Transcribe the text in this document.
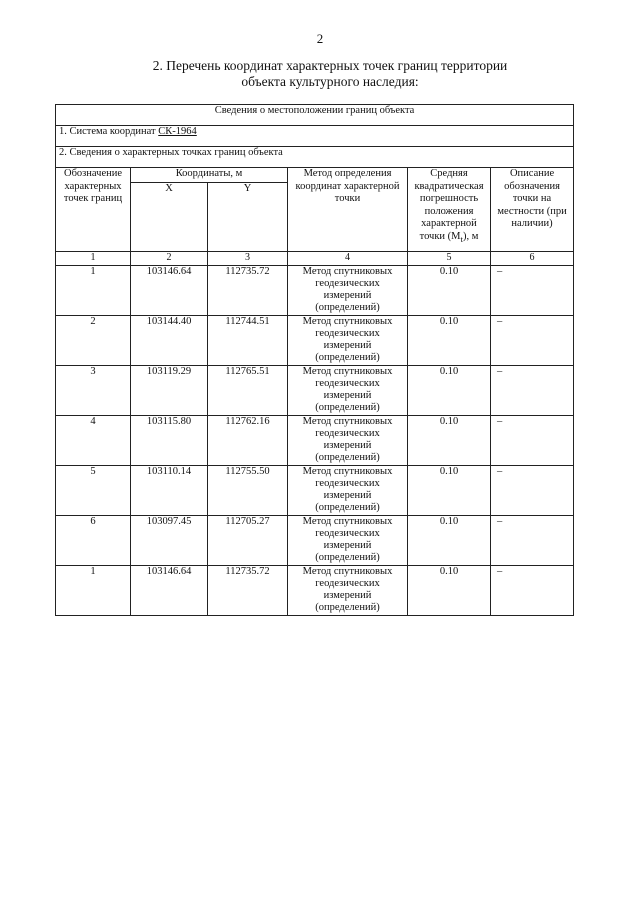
2
2. Перечень координат характерных точек границ территории
объекта культурного наследия:
Сведения о местоположении границ объекта					
1. Система координат СК-1964					
2. Сведения о характерных точках границ объекта					
Обозначение характерных точек границ	Координаты, м		Метод определения координат характерной точки	Средняя квадратическая погрешность положения характерной точки $(M_t)$, м	Описание обозначения точки на местности (при наличии)
	X	Y			
1	2	3	4	5	6
1	103146.64	112735.72	Метод спутниковых геодезических измерений (определений)	0.10	–
2	103144.40	112744.51	Метод спутниковых геодезических измерений (определений)	0.10	–
3	103119.29	112765.51	Метод спутниковых геодезических измерений (определений)	0.10	–
4	103115.80	112762.16	Метод спутниковых геодезических измерений (определений)	0.10	–
5	103110.14	112755.50	Метод спутниковых геодезических измерений (определений)	0.10	–
6	103097.45	112705.27	Метод спутниковых геодезических измерений (определений)	0.10	–
1	103146.64	112735.72	Метод спутниковых геодезических измерений (определений)	0.10	–
